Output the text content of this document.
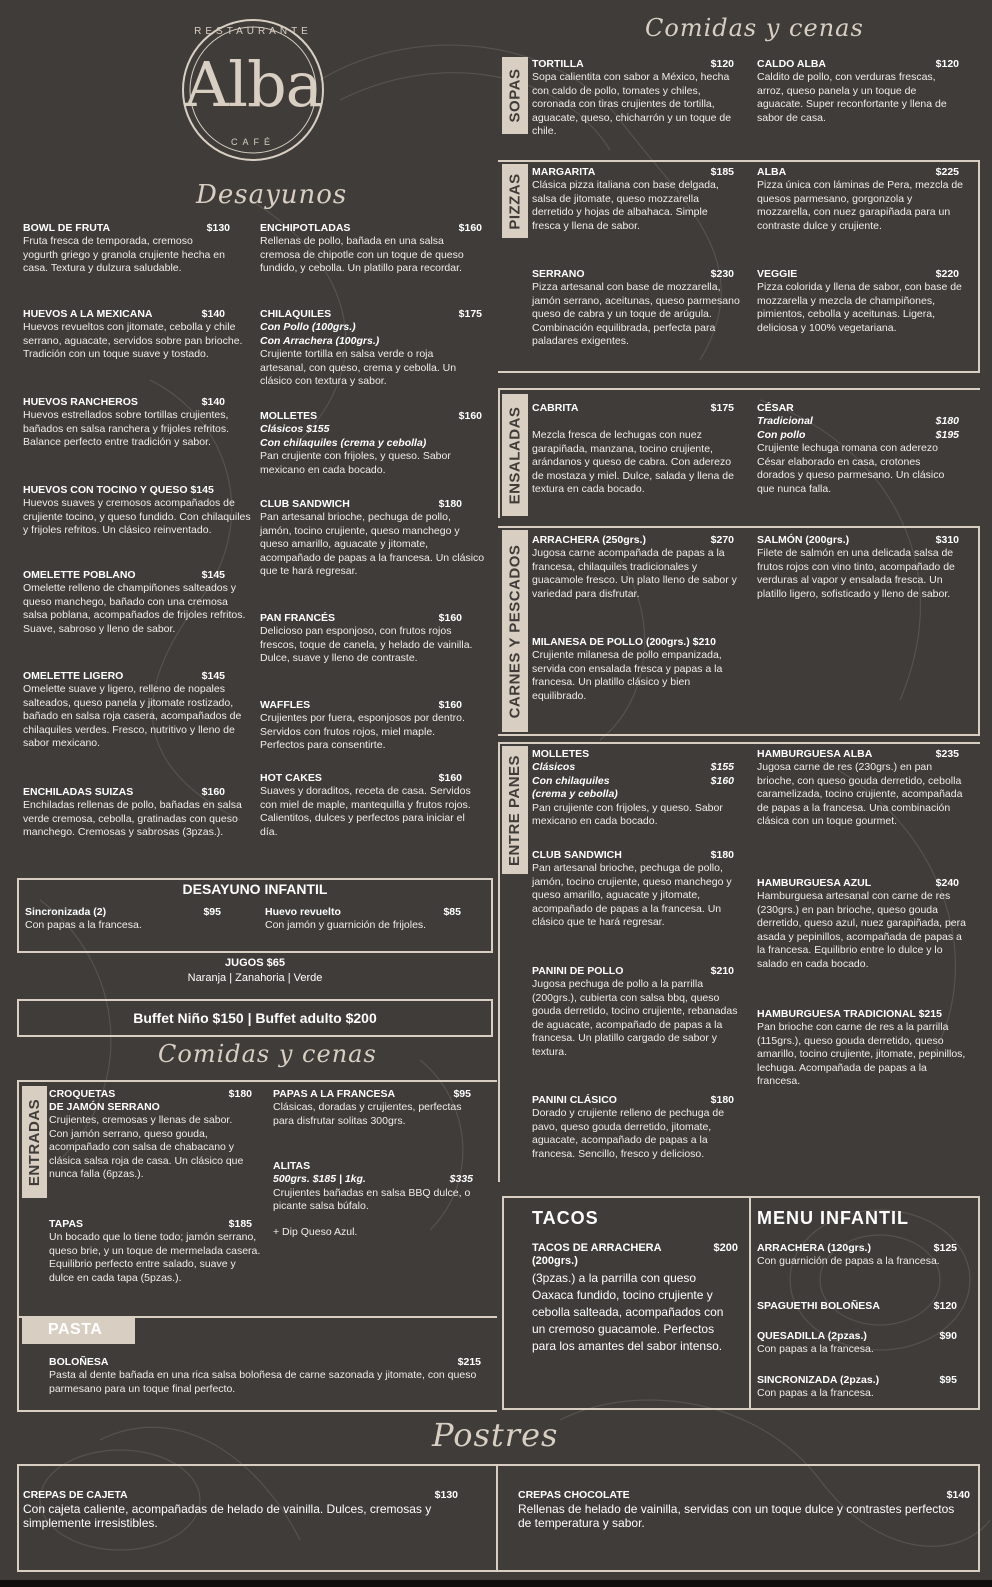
RESTAURANTE
Alba
CAFÉ
Desayunos
Comidas y cenas
BOWL DE FRUTA	$130
Fruta fresca de temporada, cremoso yogurth griego y granola crujiente hecha en casa. Textura y dulzura saludable.
HUEVOS A LA MEXICANA	$140
Huevos revueltos con jitomate, cebolla y chile serrano, aguacate, servidos sobre pan brioche. Tradición con un toque suave y tostado.
HUEVOS RANCHEROS	$140
Huevos estrellados sobre tortillas crujientes, bañados en salsa ranchera y frijoles refritos. Balance perfecto entre tradición y sabor.
HUEVOS CON TOCINO Y QUESO $145
Huevos suaves y cremosos acompañados de crujiente tocino, y queso fundido. Con chilaquiles y frijoles refritos. Un clásico reinventado.
OMELETTE POBLANO	$145
Omelette relleno de champiñones salteados y queso manchego, bañado con una cremosa salsa poblana, acompañados de frijoles refritos. Suave, sabroso y lleno de sabor.
OMELETTE LIGERO	$145
Omelette suave y ligero, relleno de nopales salteados, queso panela y jitomate rostizado, bañado en salsa roja casera, acompañados de chilaquiles verdes. Fresco, nutritivo y lleno de sabor mexicano.
ENCHILADAS SUIZAS	$160
Enchiladas rellenas de pollo, bañadas en salsa verde cremosa, cebolla, gratinadas con queso manchego. Cremosas y sabrosas (3pzas.).
ENCHIPOTLADAS	$160
Rellenas de pollo, bañada en una salsa cremosa de chipotle con un toque de queso fundido, y cebolla. Un platillo para recordar.
CHILAQUILES	$175
Con Pollo (100grs.)
Con Arrachera (100grs.)
Crujiente tortilla en salsa verde o roja artesanal, con queso, crema y cebolla. Un clásico con textura y sabor.
MOLLETES	$160
Clásicos $155
Con chilaquiles (crema y cebolla)
Pan crujiente con frijoles, y queso. Sabor mexicano en cada bocado.
CLUB SANDWICH	$180
Pan artesanal brioche, pechuga de pollo, jamón, tocino crujiente, queso manchego y queso amarillo, aguacate y jitomate, acompañado de papas a la francesa. Un clásico que te hará regresar.
PAN FRANCÉS	$160
Delicioso pan esponjoso, con frutos rojos frescos, toque de canela, y helado de vainilla. Dulce, suave y lleno de contraste.
WAFFLES	$160
Crujientes por fuera, esponjosos por dentro. Servidos con frutos rojos, miel maple. Perfectos para consentirte.
HOT CAKES	$160
Suaves y doraditos, receta de casa. Servidos con miel de maple, mantequilla y frutos rojos. Calientitos, dulces y perfectos para iniciar el día.
DESAYUNO INFANTIL
Sincronizada (2)	$95
Con papas a la francesa.
Huevo revuelto	$85
Con jamón y guarnición de frijoles.
JUGOS $65
Naranja | Zanahoria | Verde
Buffet Niño $150 | Buffet adulto $200
Comidas y cenas
ENTRADAS
CROQUETAS	$180
DE JAMÓN SERRANO
Crujientes, cremosas y llenas de sabor. Con jamón serrano, queso gouda, acompañado con salsa de chabacano y clásica salsa roja de casa. Un clásico que nunca falla (6pzas.).
TAPAS	$185
Un bocado que lo tiene todo; jamón serrano, queso brie, y un toque de mermelada casera. Equilibrio perfecto entre salado, suave y dulce en cada tapa (5pzas.).
PAPAS A LA FRANCESA	$95
Clásicas, doradas y crujientes, perfectas para disfrutar solitas 300grs.
ALITAS
500grs. $185 | 1kg.	$335
Crujientes bañadas en salsa BBQ dulce, o picante salsa búfalo.
+ Dip Queso Azul.
PASTA
BOLOÑESA	$215
Pasta al dente bañada en una rica salsa boloñesa de carne sazonada y jitomate, con queso parmesano para un toque final perfecto.
SOPAS
TORTILLA	$120
Sopa calientita con sabor a México, hecha con caldo de pollo, tomates y chiles, coronada con tiras crujientes de tortilla, aguacate, queso, chicharrón y un toque de chile.
CALDO ALBA	$120
Caldito de pollo, con verduras frescas, arroz, queso panela y un toque de aguacate. Super reconfortante y llena de sabor de casa.
PIZZAS
MARGARITA	$185
Clásica pizza italiana con base delgada, salsa de jitomate, queso mozzarella derretido y hojas de albahaca. Simple fresca y llena de sabor.
ALBA	$225
Pizza única con láminas de Pera, mezcla de quesos parmesano, gorgonzola y mozzarella, con nuez garapiñada para un contraste dulce y crujiente.
SERRANO	$230
Pizza artesanal con base de mozzarella, jamón serrano, aceitunas, queso parmesano queso de cabra y un toque de arúgula. Combinación equilibrada, perfecta para paladares exigentes.
VEGGIE	$220
Pizza colorida y llena de sabor, con base de mozzarella y mezcla de champiñones, pimientos, cebolla y aceitunas. Ligera, deliciosa y 100% vegetariana.
ENSALADAS CABRITA	$175
Mezcla fresca de lechugas con nuez garapiñada, manzana, tocino crujiente, arándanos y queso de cabra. Con aderezo de mostaza y miel. Dulce, salada y llena de textura en cada bocado.
CÉSAR
Tradicional	$180
Con pollo	$195
Crujiente lechuga romana con aderezo César elaborado en casa, crotones dorados y queso parmesano. Un clásico que nunca falla.
CARNES Y PESCADOS
ARRACHERA (250grs.)	$270
Jugosa carne acompañada de papas a la francesa, chilaquiles tradicionales y guacamole fresco. Un plato lleno de sabor y variedad para disfrutar.
SALMÓN (200grs.)	$310
Filete de salmón en una delicada salsa de frutos rojos con vino tinto, acompañado de verduras al vapor y ensalada fresca. Un platillo ligero, sofisticado y lleno de sabor.
MILANESA DE POLLO (200grs.) $210
Crujiente milanesa de pollo empanizada, servida con ensalada fresca y papas a la francesa. Un platillo clásico y bien equilibrado.
ENTRE PANES
MOLLETES
Clásicos	$155
Con chilaquiles	$160
(crema y cebolla)
Pan crujiente con frijoles, y queso. Sabor mexicano en cada bocado.
CLUB SANDWICH	$180
Pan artesanal brioche, pechuga de pollo, jamón, tocino crujiente, queso manchego y queso amarillo, aguacate y jitomate, acompañado de papas a la francesa. Un clásico que te hará regresar.
PANINI DE POLLO	$210
Jugosa pechuga de pollo a la parrilla (200grs.), cubierta con salsa bbq, queso gouda derretido, tocino crujiente, rebanadas de aguacate, acompañado de papas a la francesa. Un platillo cargado de sabor y textura.
PANINI CLÁSICO	$180
Dorado y crujiente relleno de pechuga de pavo, queso gouda derretido, jitomate, aguacate, acompañado de papas a la francesa. Sencillo, fresco y delicioso.
HAMBURGUESA ALBA	$235
Jugosa carne de res (230grs.) en pan brioche, con queso gouda derretido, cebolla caramelizada, tocino crujiente, acompañada de papas a la francesa. Una combinación clásica con un toque gourmet.
HAMBURGUESA AZUL	$240
Hamburguesa artesanal con carne de res (230grs.) en pan brioche, queso gouda derretido, queso azul, nuez garapiñada, pera asada y pepinillos, acompañada de papas a la francesa. Equilibrio entre lo dulce y lo salado en cada bocado.
HAMBURGUESA TRADICIONAL $215
Pan brioche con carne de res a la parrilla (115grs.), queso gouda derretido, queso amarillo, tocino crujiente, jitomate, pepinillos, lechuga. Acompañada de papas a la francesa.
TACOS
TACOS DE ARRACHERA (200grs.)
$200
(3pzas.) a la parrilla con queso Oaxaca fundido, tocino crujiente y cebolla salteada, acompañados con un cremoso guacamole. Perfectos para los amantes del sabor intenso.
MENU INFANTIL
ARRACHERA (120grs.)	$125
Con guarnición de papas a la francesa.
SPAGUETHI BOLOÑESA	$120
QUESADILLA (2pzas.)	$90
Con papas a la francesa.
SINCRONIZADA (2pzas.)	$95
Con papas a la francesa.
Postres
CREPAS DE CAJETA	$130
Con cajeta caliente, acompañadas de helado de vainilla. Dulces, cremosas y simplemente irresistibles.
CREPAS CHOCOLATE	$140
Rellenas de helado de vainilla, servidas con un toque dulce y contrastes perfectos de temperatura y sabor.
